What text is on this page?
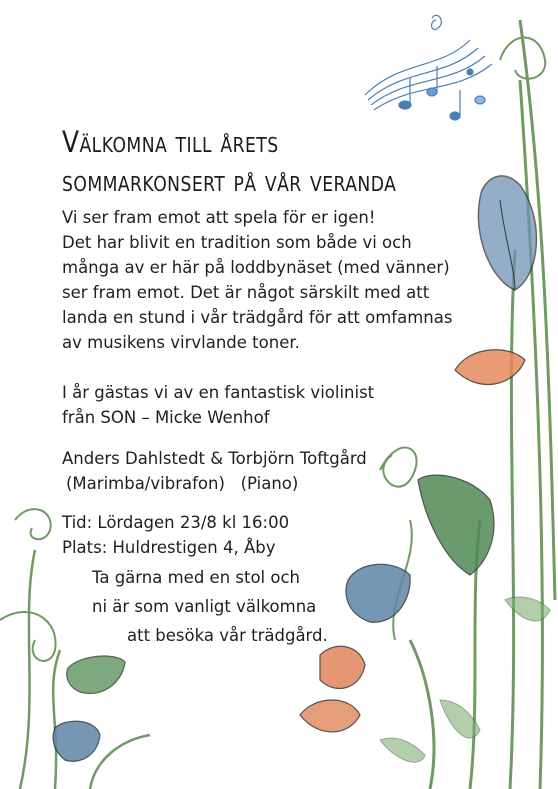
Välkomna till årets
sommarkonsert på vår veranda
Vi ser fram emot att spela för er igen!
Det har blivit en tradition som både vi och
många av er här på loddbynäset (med vänner)
ser fram emot. Det är något särskilt med att
landa en stund i vår trädgård för att omfamnas
av musikens virvlande toner.
I år gästas vi av en fantastisk violinist
från SON – Micke Wenhof
Anders Dahlstedt & Torbjörn Toftgård
(Marimba/vibrafon)   (Piano)
Tid: Lördagen 23/8 kl 16:00
Plats: Huldrestigen 4, Åby
Ta gärna med en stol och
ni är som vanligt välkomna
att besöka vår trädgård.
